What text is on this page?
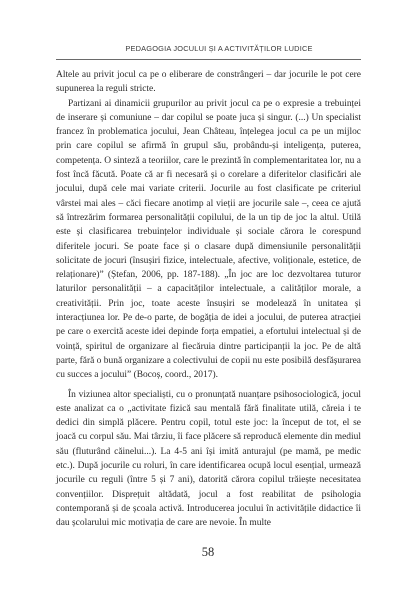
PEDAGOGIA JOCULUI ȘI A ACTIVITĂȚILOR LUDICE

Altele au privit jocul ca pe o eliberare de constrângeri – dar jocurile le pot cere supunerea la reguli stricte.

Partizani ai dinamicii grupurilor au privit jocul ca pe o expresie a trebuinței de inserare și comuniune – dar copilul se poate juca și singur. (...) Un specialist francez în problematica jocului, Jean Château, înțelegea jocul ca pe un mijloc prin care copilul se afirmă în grupul său, probându-și inteligența, puterea, competența. O sinteză a teoriilor, care le prezintă în complementaritatea lor, nu a fost încă făcută. Poate că ar fi necesară și o corelare a diferitelor clasificări ale jocului, după cele mai variate criterii. Jocurile au fost clasificate pe criteriul vârstei mai ales – căci fiecare anotimp al vieții are jocurile sale –, ceea ce ajută să întrezărim formarea personalității copilului, de la un tip de joc la altul. Utilă este și clasificarea trebuințelor individuale și sociale cărora le corespund diferitele jocuri. Se poate face și o clasare după dimensiunile personalității solicitate de jocuri (însușiri fizice, intelectuale, afective, voliționale, estetice, de relaționare)” (Ștefan, 2006, pp. 187-188). „În joc are loc dezvoltarea tuturor laturilor personalității – a capacităților intelectuale, a calităților morale, a creativității. Prin joc, toate aceste însușiri se modelează în unitatea și interacțiunea lor. Pe de-o parte, de bogăția de idei a jocului, de puterea atracției pe care o exercită aceste idei depinde forța empatiei, a efortului intelectual și de voință, spiritul de organizare al fiecăruia dintre participanții la joc. Pe de altă parte, fără o bună organizare a colectivului de copii nu este posibilă desfășurarea cu succes a jocului” (Bocoș, coord., 2017).

În viziunea altor specialiști, cu o pronunțată nuanțare psihosociologică, jocul este analizat ca o „activitate fizică sau mentală fără finalitate utilă, căreia i te dedici din simplă plăcere. Pentru copil, totul este joc: la început de tot, el se joacă cu corpul său. Mai târziu, îi face plăcere să reproducă elemente din mediul său (fluturând căinelui...). La 4-5 ani își imită anturajul (pe mamă, pe medic etc.). După jocurile cu roluri, în care identificarea ocupă locul esențial, urmează jocurile cu reguli (între 5 și 7 ani), datorită cărora copilul trăiește necesitatea convențiilor. Disprețuit altădată, jocul a fost reabilitat de psihologia contemporană și de școala activă. Introducerea jocului în activitățile didactice îi dau școlarului mic motivația de care are nevoie. În multe

58
